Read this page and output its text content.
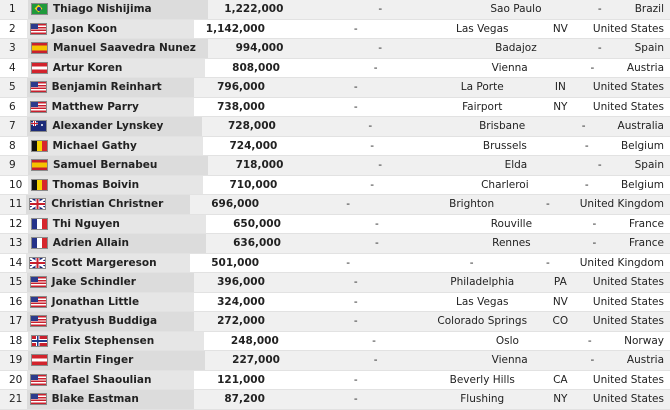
1	Thiago Nishijima	1,222,000	-	Sao Paulo	-	Brazil
2	Jason Koon	1,142,000	-	Las Vegas	NV	United States
3	Manuel Saavedra Nunez	994,000	-	Badajoz	-	Spain
4	Artur Koren	808,000	-	Vienna	-	Austria
5	Benjamin Reinhart	796,000	-	La Porte	IN	United States
6	Matthew Parry	738,000	-	Fairport	NY	United States
7	Alexander Lynskey	728,000	-	Brisbane	-	Australia
8	Michael Gathy	724,000	-	Brussels	-	Belgium
9	Samuel Bernabeu	718,000	-	Elda	-	Spain
10	Thomas Boivin	710,000	-	Charleroi	-	Belgium
11	Christian Christner	696,000	-	Brighton	-	United Kingdom
12	Thi Nguyen	650,000	-	Rouville	-	France
13	Adrien Allain	636,000	-	Rennes	-	France
14	Scott Margereson	501,000	-	-	-	United Kingdom
15	Jake Schindler	396,000	-	Philadelphia	PA	United States
16	Jonathan Little	324,000	-	Las Vegas	NV	United States
17	Pratyush Buddiga	272,000	-	Colorado Springs	CO	United States
18	Felix Stephensen	248,000	-	Oslo	-	Norway
19	Martin Finger	227,000	-	Vienna	-	Austria
20	Rafael Shaoulian	121,000	-	Beverly Hills	CA	United States
21	Blake Eastman	87,200	-	Flushing	NY	United States
